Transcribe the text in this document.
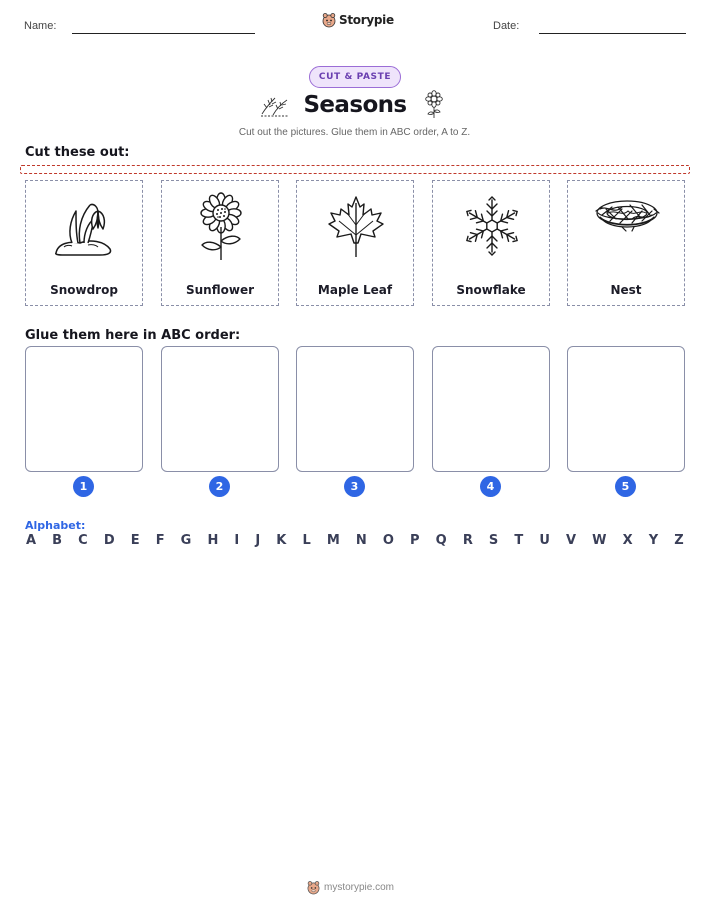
Name:	Storypie	Date:
CUT & PASTE
Seasons
Cut out the pictures. Glue them in ABC order, A to Z.
Cut these out:
Snowdrop	Sunflower	Maple Leaf	Snowflake	Nest
Glue them here in ABC order:
1	2	3	4	5
Alphabet:
A B C D E F G H I J K L M N O P Q R S T U V W X Y Z
mystorypie.com
